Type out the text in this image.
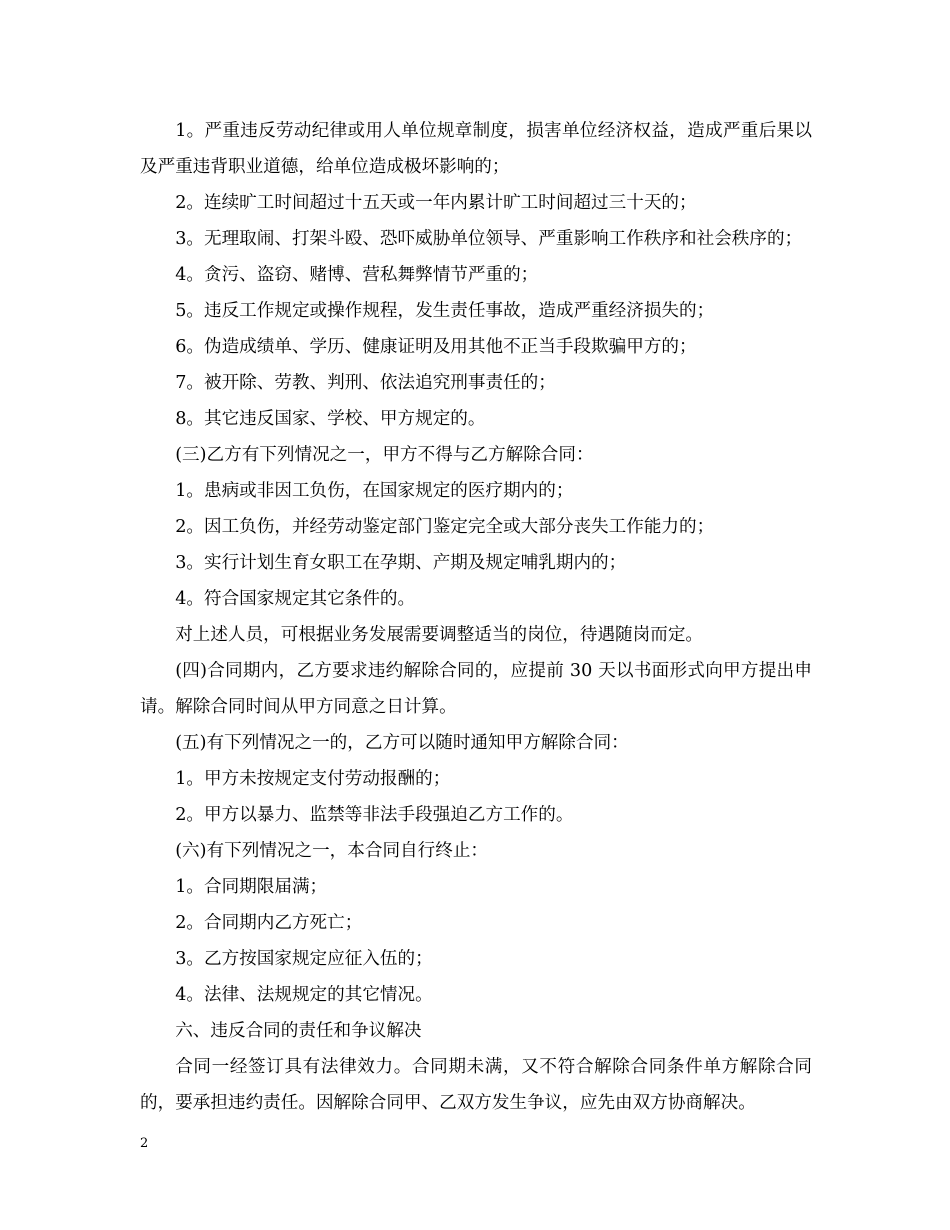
1。严重违反劳动纪律或用人单位规章制度，损害单位经济权益，造成严重后果以及严重违背职业道德，给单位造成极坏影响的；

2。连续旷工时间超过十五天或一年内累计旷工时间超过三十天的；

3。无理取闹、打架斗殴、恐吓威胁单位领导、严重影响工作秩序和社会秩序的；

4。贪污、盗窃、赌博、营私舞弊情节严重的；

5。违反工作规定或操作规程，发生责任事故，造成严重经济损失的；

6。伪造成绩单、学历、健康证明及用其他不正当手段欺骗甲方的；

7。被开除、劳教、判刑、依法追究刑事责任的；

8。其它违反国家、学校、甲方规定的。

(三)乙方有下列情况之一，甲方不得与乙方解除合同：

1。患病或非因工负伤，在国家规定的医疗期内的；

2。因工负伤，并经劳动鉴定部门鉴定完全或大部分丧失工作能力的；

3。实行计划生育女职工在孕期、产期及规定哺乳期内的；

4。符合国家规定其它条件的。

对上述人员，可根据业务发展需要调整适当的岗位，待遇随岗而定。

(四)合同期内，乙方要求违约解除合同的，应提前 30 天以书面形式向甲方提出申请。解除合同时间从甲方同意之日计算。

(五)有下列情况之一的，乙方可以随时通知甲方解除合同：

1。甲方未按规定支付劳动报酬的；

2。甲方以暴力、监禁等非法手段强迫乙方工作的。

(六)有下列情况之一，本合同自行终止：

1。合同期限届满；

2。合同期内乙方死亡；

3。乙方按国家规定应征入伍的；

4。法律、法规规定的其它情况。

六、违反合同的责任和争议解决

合同一经签订具有法律效力。合同期未满，又不符合解除合同条件单方解除合同的，要承担违约责任。因解除合同甲、乙双方发生争议，应先由双方协商解决。

2
